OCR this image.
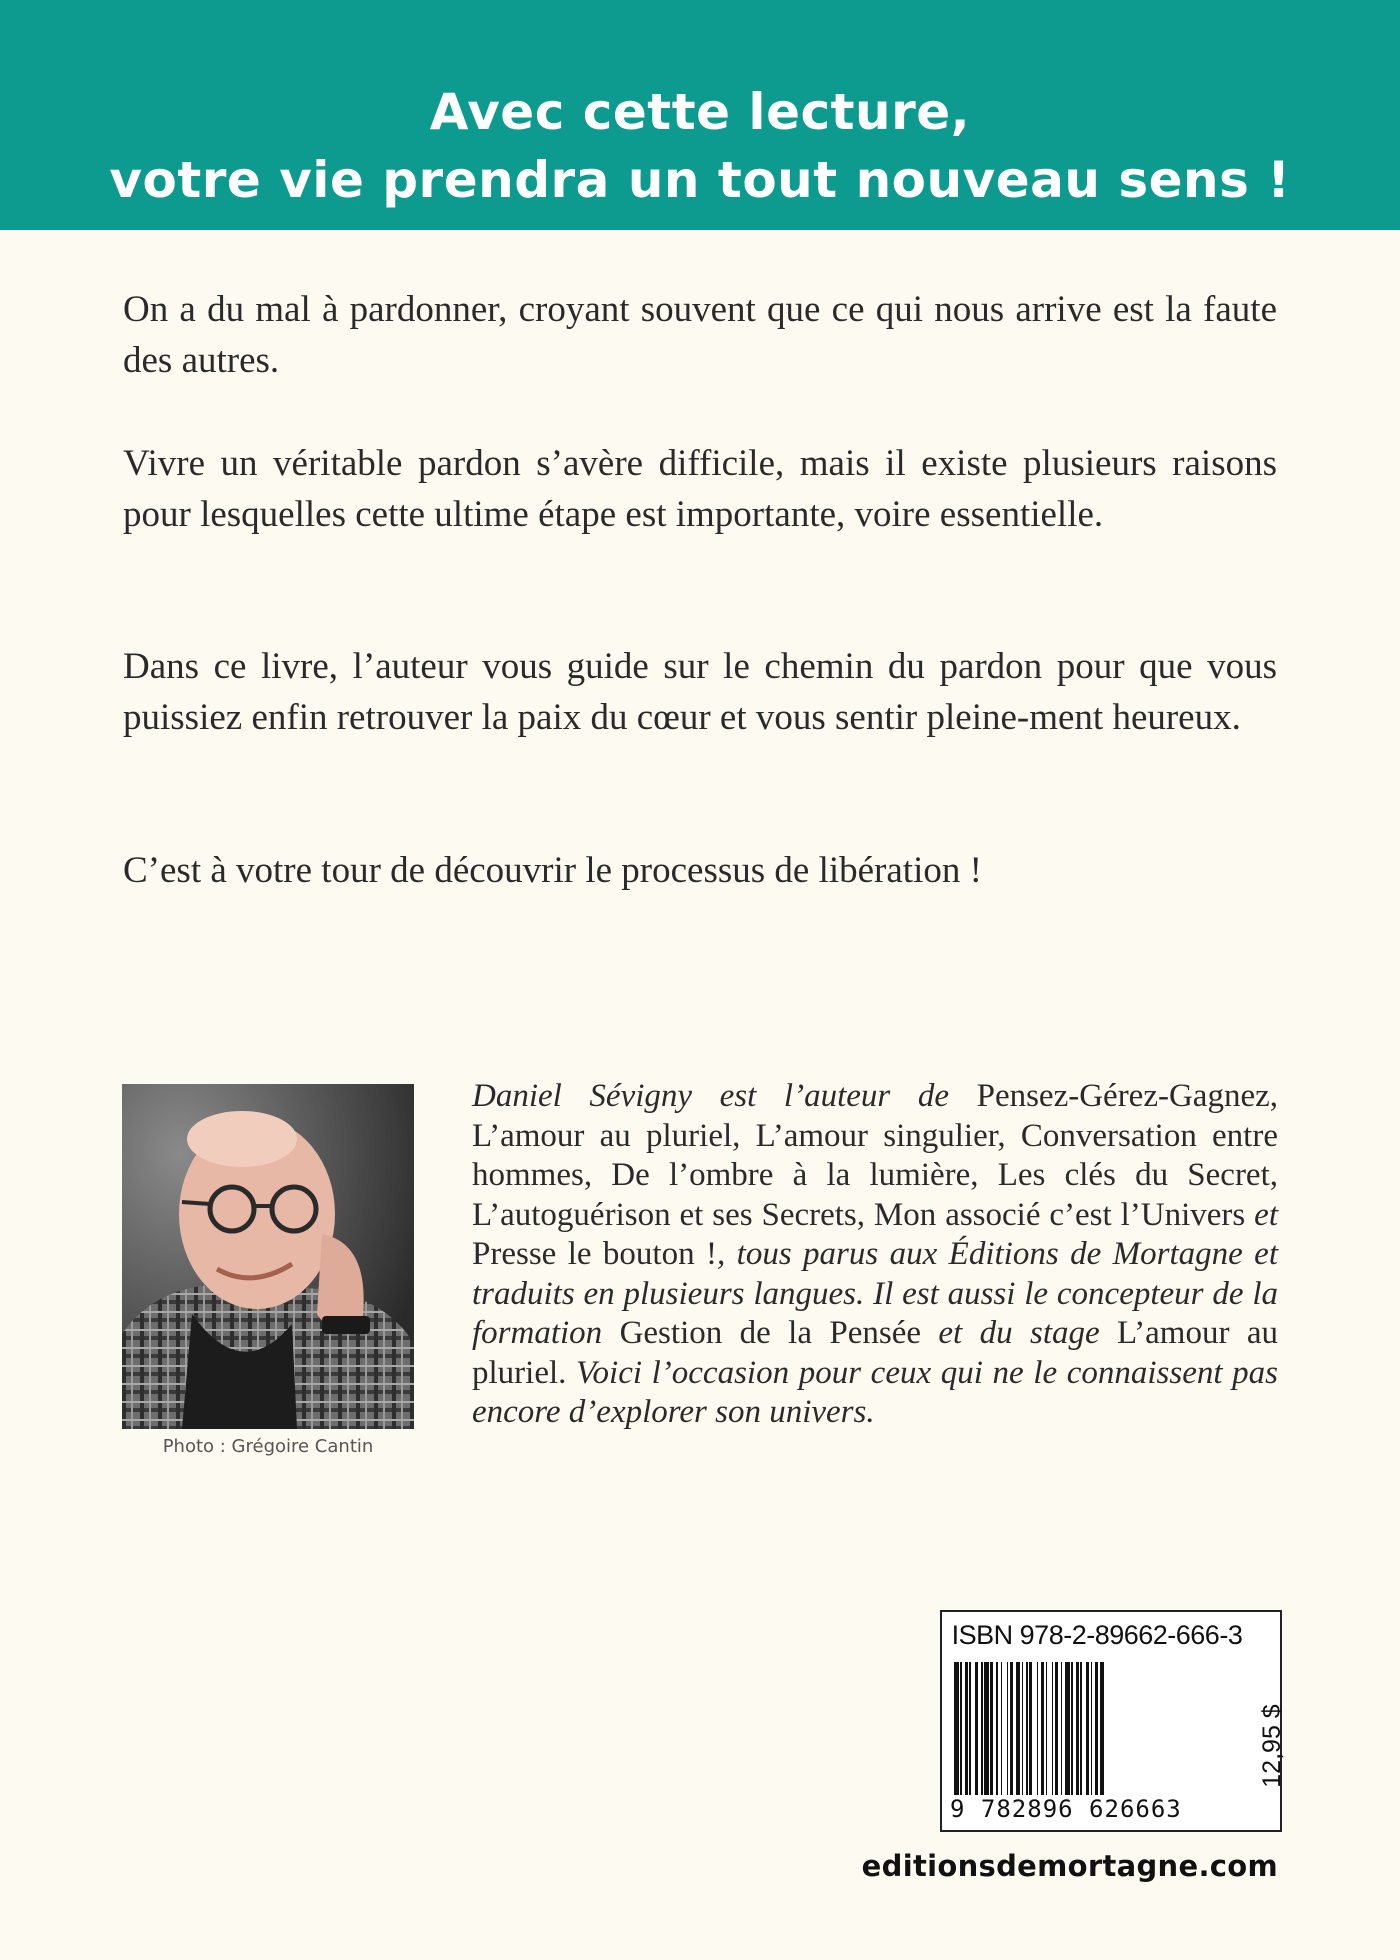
Avec cette lecture,
votre vie prendra un tout nouveau sens !

On a du mal à pardonner, croyant souvent que ce qui nous arrive est la faute des autres.

Vivre un véritable pardon s’avère difficile, mais il existe plusieurs raisons pour lesquelles cette ultime étape est importante, voire essentielle.

Dans ce livre, l’auteur vous guide sur le chemin du pardon pour que vous puissiez enfin retrouver la paix du cœur et vous sentir pleine-ment heureux.

C’est à votre tour de découvrir le processus de libération !

Photo : Grégoire Cantin

Daniel Sévigny est l’auteur de Pensez-Gérez-Gagnez, L’amour au pluriel, L’amour singulier, Conversation entre hommes, De l’ombre à la lumière, Les clés du Secret, L’autoguérison et ses Secrets, Mon associé c’est l’Univers et Presse le bouton !, tous parus aux Éditions de Mortagne et traduits en plusieurs langues. Il est aussi le concepteur de la formation Gestion de la Pensée et du stage L’amour au pluriel. Voici l’occasion pour ceux qui ne le connaissent pas encore d’explorer son univers.

ISBN 978-2-89662-666-3
9 782896 626663
12,95 $
editionsdemortagne.com
